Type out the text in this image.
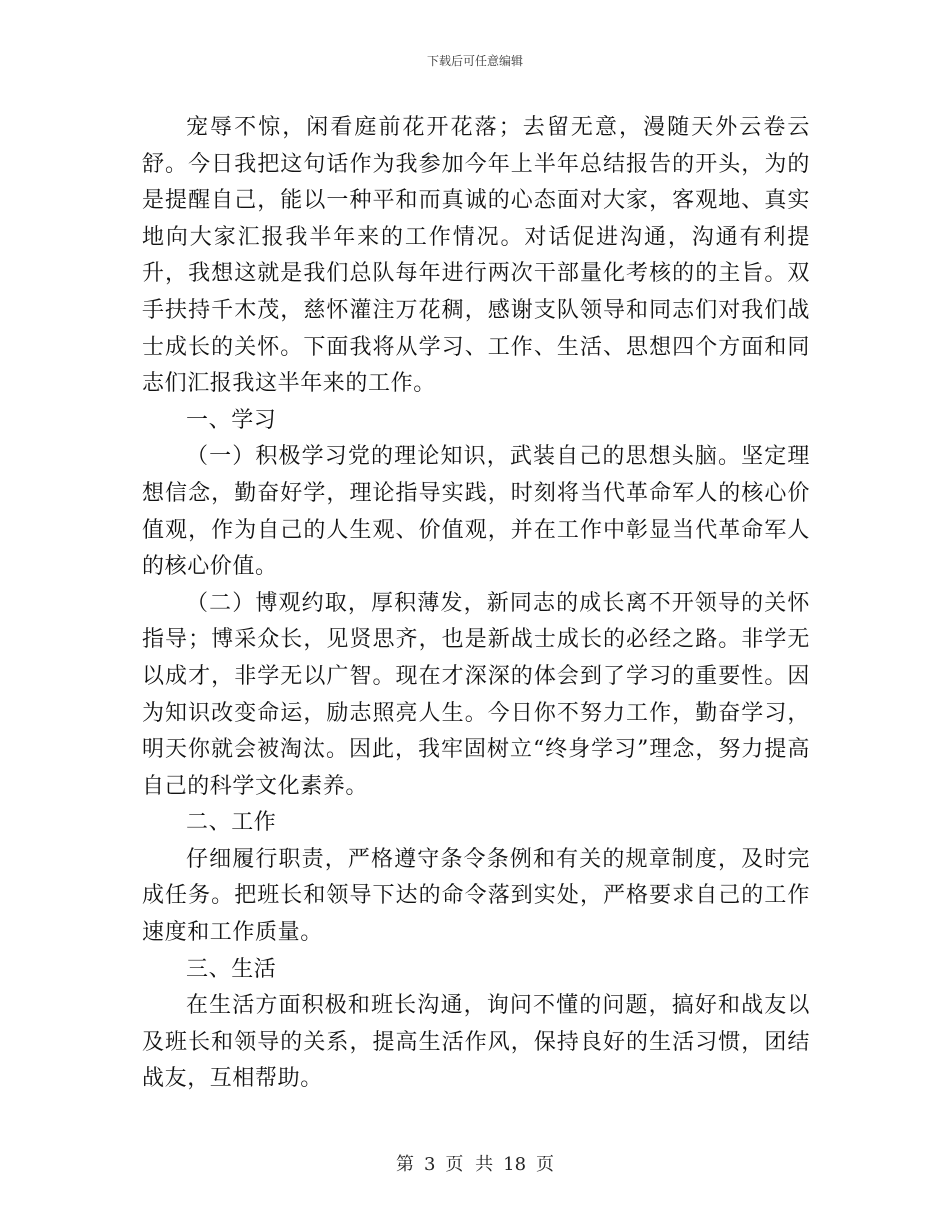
下载后可任意编辑

宠辱不惊，闲看庭前花开花落；去留无意，漫随天外云卷云舒。今日我把这句话作为我参加今年上半年总结报告的开头，为的是提醒自己，能以一种平和而真诚的心态面对大家，客观地、真实地向大家汇报我半年来的工作情况。对话促进沟通，沟通有利提升，我想这就是我们总队每年进行两次干部量化考核的的主旨。双手扶持千木茂，慈怀灌注万花稠，感谢支队领导和同志们对我们战士成长的关怀。下面我将从学习、工作、生活、思想四个方面和同志们汇报我这半年来的工作。

一、学习

（一）积极学习党的理论知识，武装自己的思想头脑。坚定理想信念，勤奋好学，理论指导实践，时刻将当代革命军人的核心价值观，作为自己的人生观、价值观，并在工作中彰显当代革命军人的核心价值。

（二）博观约取，厚积薄发，新同志的成长离不开领导的关怀指导；博采众长，见贤思齐，也是新战士成长的必经之路。非学无以成才，非学无以广智。现在才深深的体会到了学习的重要性。因为知识改变命运，励志照亮人生。今日你不努力工作，勤奋学习，明天你就会被淘汰。因此，我牢固树立“终身学习”理念，努力提高自己的科学文化素养。

二、工作

仔细履行职责，严格遵守条令条例和有关的规章制度，及时完成任务。把班长和领导下达的命令落到实处，严格要求自己的工作速度和工作质量。

三、生活

在生活方面积极和班长沟通，询问不懂的问题，搞好和战友以及班长和领导的关系，提高生活作风，保持良好的生活习惯，团结战友，互相帮助。

第 3 页 共 18 页
